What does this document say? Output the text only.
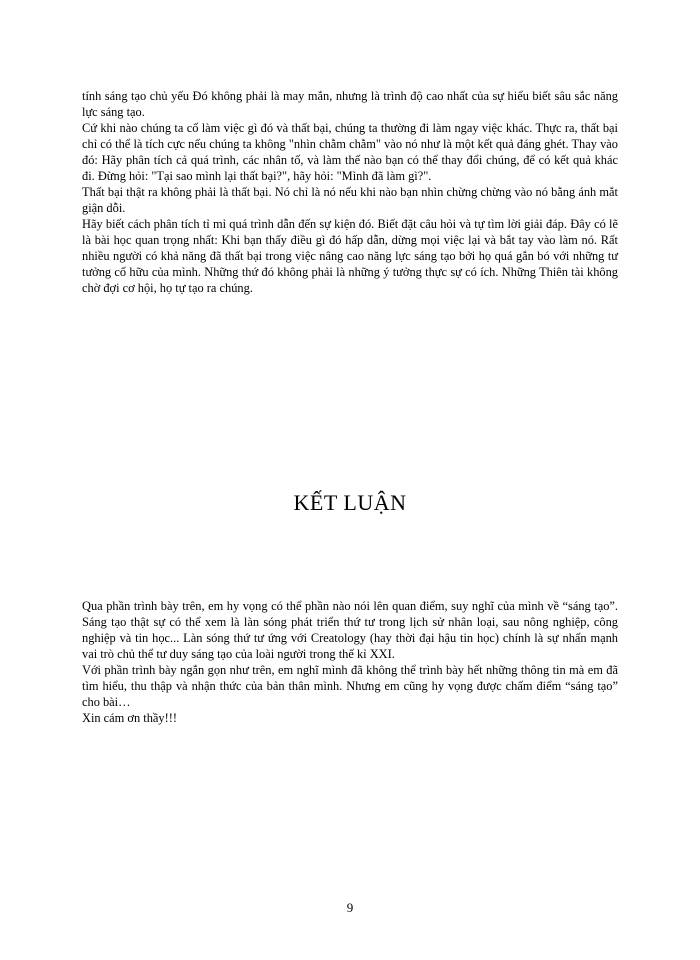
tính sáng tạo chủ yếu Đó không phải là may mắn, nhưng là trình độ cao nhất của sự hiểu biết sâu sắc năng lực sáng tạo.

Cứ khi nào chúng ta cố làm việc gì đó và thất bại, chúng ta thường đi làm ngay việc khác. Thực ra, thất bại chỉ có thể là tích cực nếu chúng ta không "nhìn chằm chằm" vào nó như là một kết quả đáng ghét. Thay vào đó: Hãy phân tích cả quá trình, các nhân tố, và làm thế nào bạn có thể thay đổi chúng, để có kết quả khác đi. Đừng hỏi: "Tại sao mình lại thất bại?", hãy hỏi: "Mình đã làm gì?".

Thất bại thật ra không phải là thất bại. Nó chỉ là nó nếu khi nào bạn nhìn chừng chừng vào nó bằng ánh mắt giận dỗi.

Hãy biết cách phân tích tỉ mỉ quá trình dẫn đến sự kiện đó. Biết đặt câu hỏi và tự tìm lời giải đáp. Đây có lẽ là bài học quan trọng nhất: Khi bạn thấy điều gì đó hấp dẫn, dừng mọi việc lại và bắt tay vào làm nó. Rất nhiều người có khả năng đã thất bại trong việc nâng cao năng lực sáng tạo bởi họ quá gắn bó với những tư tưởng cố hữu của mình. Những thứ đó không phải là những ý tưởng thực sự có ích. Những Thiên tài không chờ đợi cơ hội, họ tự tạo ra chúng.

KẾT LUẬN

Qua phần trình bày trên, em hy vọng có thể phần nào nói lên quan điểm, suy nghĩ của mình về “sáng tạo”. Sáng tạo thật sự có thể xem là làn sóng phát triển thứ tư trong lịch sử nhân loại, sau nông nghiệp, công nghiệp và tin học... Làn sóng thứ tư ứng với Creatology (hay thời đại hậu tin học) chính là sự nhấn mạnh vai trò chủ thể tư duy sáng tạo của loài người trong thế kỉ XXI.

Với phần trình bày ngắn gọn như trên, em nghĩ mình đã không thể trình bày hết những thông tin mà em đã tìm hiểu, thu thập và nhận thức của bản thân mình. Nhưng em cũng hy vọng được chấm điểm “sáng tạo” cho bài…

Xin cám ơn thầy!!!

9
